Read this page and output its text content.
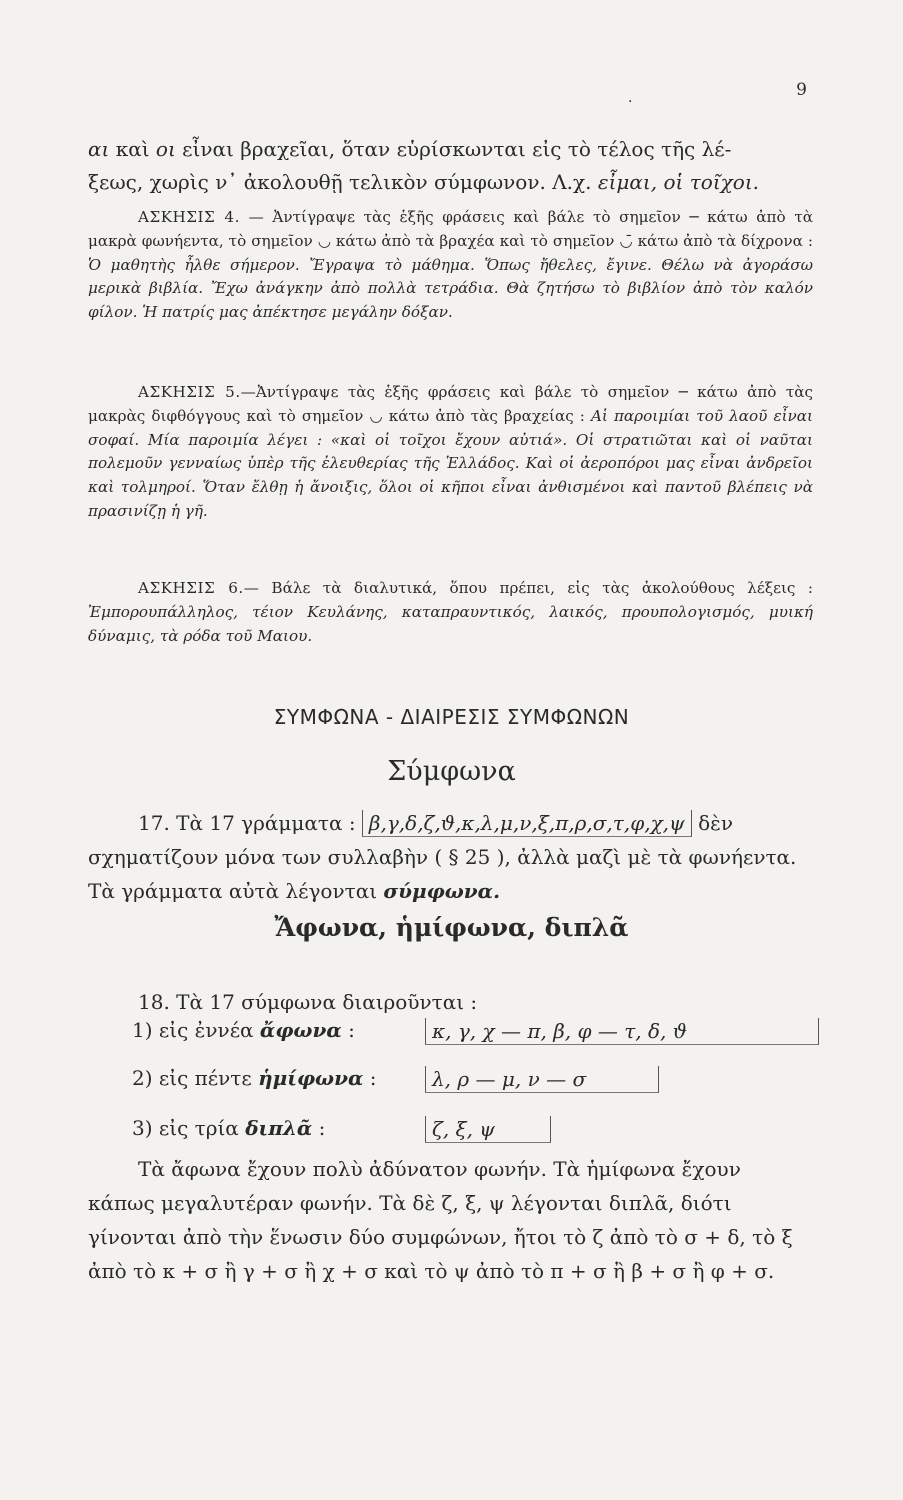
.	9
αι καὶ οι εἶναι βραχεῖαι, ὅταν εὑρίσκωνται εἰς τὸ τέλος τῆς λέ-
ξεως, χωρὶς ν᾿ ἀκολουθῇ τελικὸν σύμφωνον. Λ.χ. εἶμαι, οἱ τοῖχοι.
ΑΣΚΗΣΙΣ 4. — Ἀντίγραψε τὰς ἑξῆς φράσεις καὶ βάλε τὸ σημεῖον ─ κάτω ἀπὸ τὰ μακρὰ φωνήεντα, τὸ σημεῖον ◡ κάτω ἀπὸ τὰ βραχέα καὶ τὸ σημεῖον ◡̄ κάτω ἀπὸ τὰ δίχρονα : Ὁ μαθητὴς ἦλθε σήμερον. Ἔγραψα τὸ μάθημα. Ὅπως ἤθελες, ἔγινε. Θέλω νὰ ἀγοράσω μερικὰ βιβλία. Ἔχω ἀνάγκην ἀπὸ πολλὰ τετράδια. Θὰ ζητήσω τὸ βιβλίον ἀπὸ τὸν καλόν φίλον. Ἡ πατρίς μας ἀπέκτησε μεγάλην δόξαν.
ΑΣΚΗΣΙΣ 5.—Ἀντίγραψε τὰς ἑξῆς φράσεις καὶ βάλε τὸ σημεῖον ─ κάτω ἀπὸ τὰς μακρὰς διφθόγγους καὶ τὸ σημεῖον ◡ κάτω ἀπὸ τὰς βραχείας : Αἱ παροιμίαι τοῦ λαοῦ εἶναι σοφαί. Μία παροιμία λέγει : «καὶ οἱ τοῖχοι ἔχουν αὐτιά». Οἱ στρατιῶται καὶ οἱ ναῦται πολεμοῦν γενναίως ὑπὲρ τῆς ἐλευθερίας τῆς Ἑλλάδος. Καὶ οἱ ἀεροπόροι μας εἶναι ἀνδρεῖοι καὶ τολμηροί. Ὅταν ἔλθῃ ἡ ἄνοιξις, ὅλοι οἱ κῆποι εἶναι ἀνθισμένοι καὶ παντοῦ βλέπεις νὰ πρασινίζῃ ἡ γῆ.
ΑΣΚΗΣΙΣ 6.— Βάλε τὰ διαλυτικά, ὅπου πρέπει, εἰς τὰς ἀκολούθους λέξεις : Ἐμπορουπάλληλος, τέιον Κευλάνης, καταπραυντικός, λαικός, προυπολογισμός, μυική δύναμις, τὰ ρόδα τοῦ Μαιου.
ΣΥΜΦΩΝΑ - ΔΙΑΙΡΕΣΙΣ ΣΥΜΦΩΝΩΝ
Σύμφωνα
17. Τὰ 17 γράμματα : β,γ,δ,ζ,ϑ,κ,λ,μ,ν,ξ,π,ρ,σ,τ,φ,χ,ψ δὲν σχηματίζουν μόνα των συλλαβὴν ( § 25 ), ἀλλὰ μαζὶ μὲ τὰ φωνήεντα. Τὰ γράμματα αὐτὰ λέγονται σύμφωνα.
Ἄφωνα, ἡμίφωνα, διπλᾶ
18. Τὰ 17 σύμφωνα διαιροῦνται :
1) εἰς ἐννέα ἄφωνα :	κ, γ, χ — π, β, φ — τ, δ, ϑ
2) εἰς πέντε ἡμίφωνα :	λ, ρ — μ, ν — σ
3) εἰς τρία διπλᾶ :	ζ, ξ, ψ
Τὰ ἄφωνα ἔχουν πολὺ ἀδύνατον φωνήν. Τὰ ἡμίφωνα ἔχουν κάπως μεγαλυτέραν φωνήν. Τὰ δὲ ζ, ξ, ψ λέγονται διπλᾶ, διότι γίνονται ἀπὸ τὴν ἕνωσιν δύο συμφώνων, ἤτοι τὸ ζ ἀπὸ τὸ σ + δ, τὸ ξ ἀπὸ τὸ κ + σ ἢ γ + σ ἢ χ + σ καὶ τὸ ψ ἀπὸ τὸ π + σ ἢ β + σ ἢ φ + σ.
